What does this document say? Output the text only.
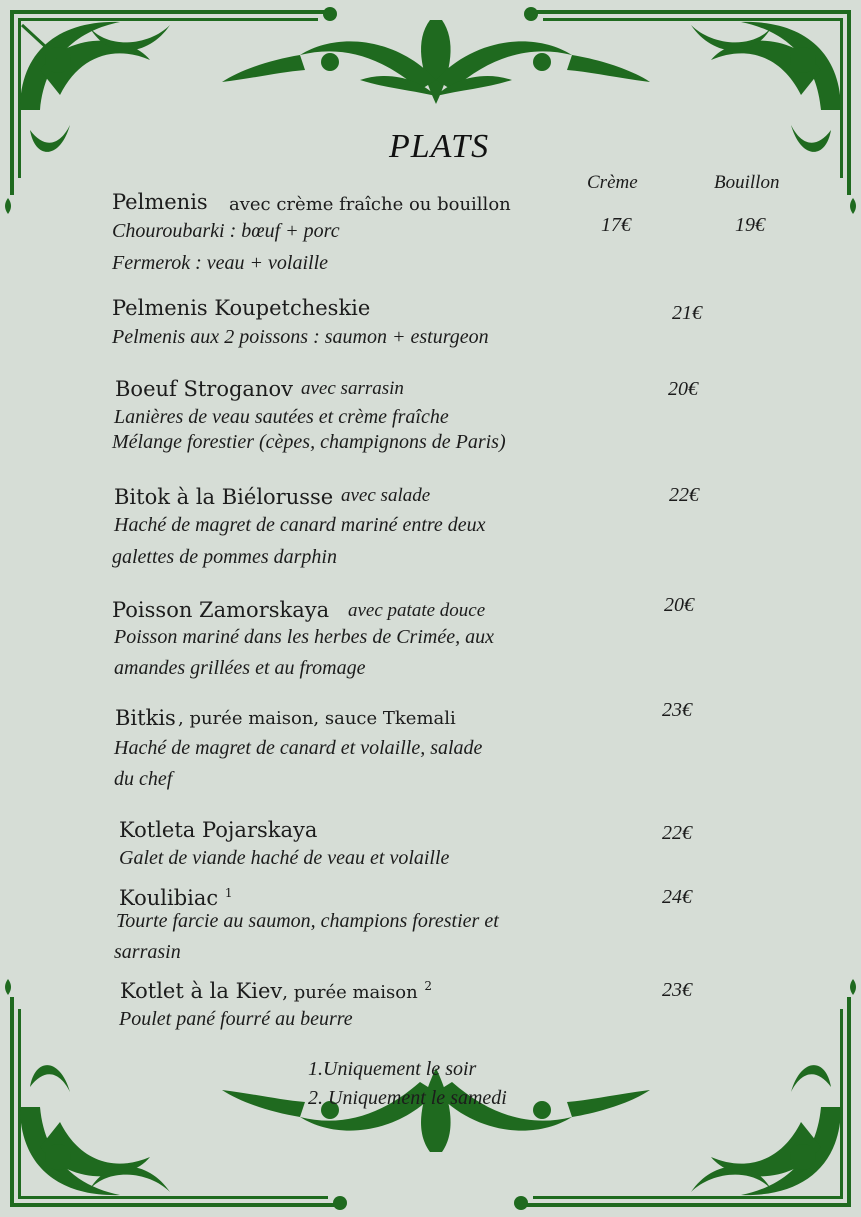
PLATS
Crème	Bouillon
Pelmenis avec crème fraîche ou bouillon
Chouroubarki : bœuf + porc
Fermerok : veau + volaille
17€	19€
Pelmenis Koupetcheskie
Pelmenis aux 2 poissons : saumon + esturgeon
21€
Boeuf Stroganov avec sarrasin
Lanières de veau sautées et crème fraîche
Mélange forestier (cèpes, champignons de Paris)
20€
Bitok à la Biélorusse avec salade
Haché de magret de canard mariné entre deux
galettes de pommes darphin
22€
Poisson Zamorskaya avec patate douce
Poisson mariné dans les herbes de Crimée, aux
amandes grillées et au fromage
20€
Bitkis , purée maison, sauce Tkemali
Haché de magret de canard et volaille, salade
du chef
23€
Kotleta Pojarskaya
Galet de viande haché de veau et volaille
22€
Koulibiac $^1$
Tourte farcie au saumon, champions forestier et
sarrasin
24€
Kotlet à la Kiev, purée maison $^2$
Poulet pané fourré au beurre
23€
1.Uniquement le soir
2. Uniquement le samedi
